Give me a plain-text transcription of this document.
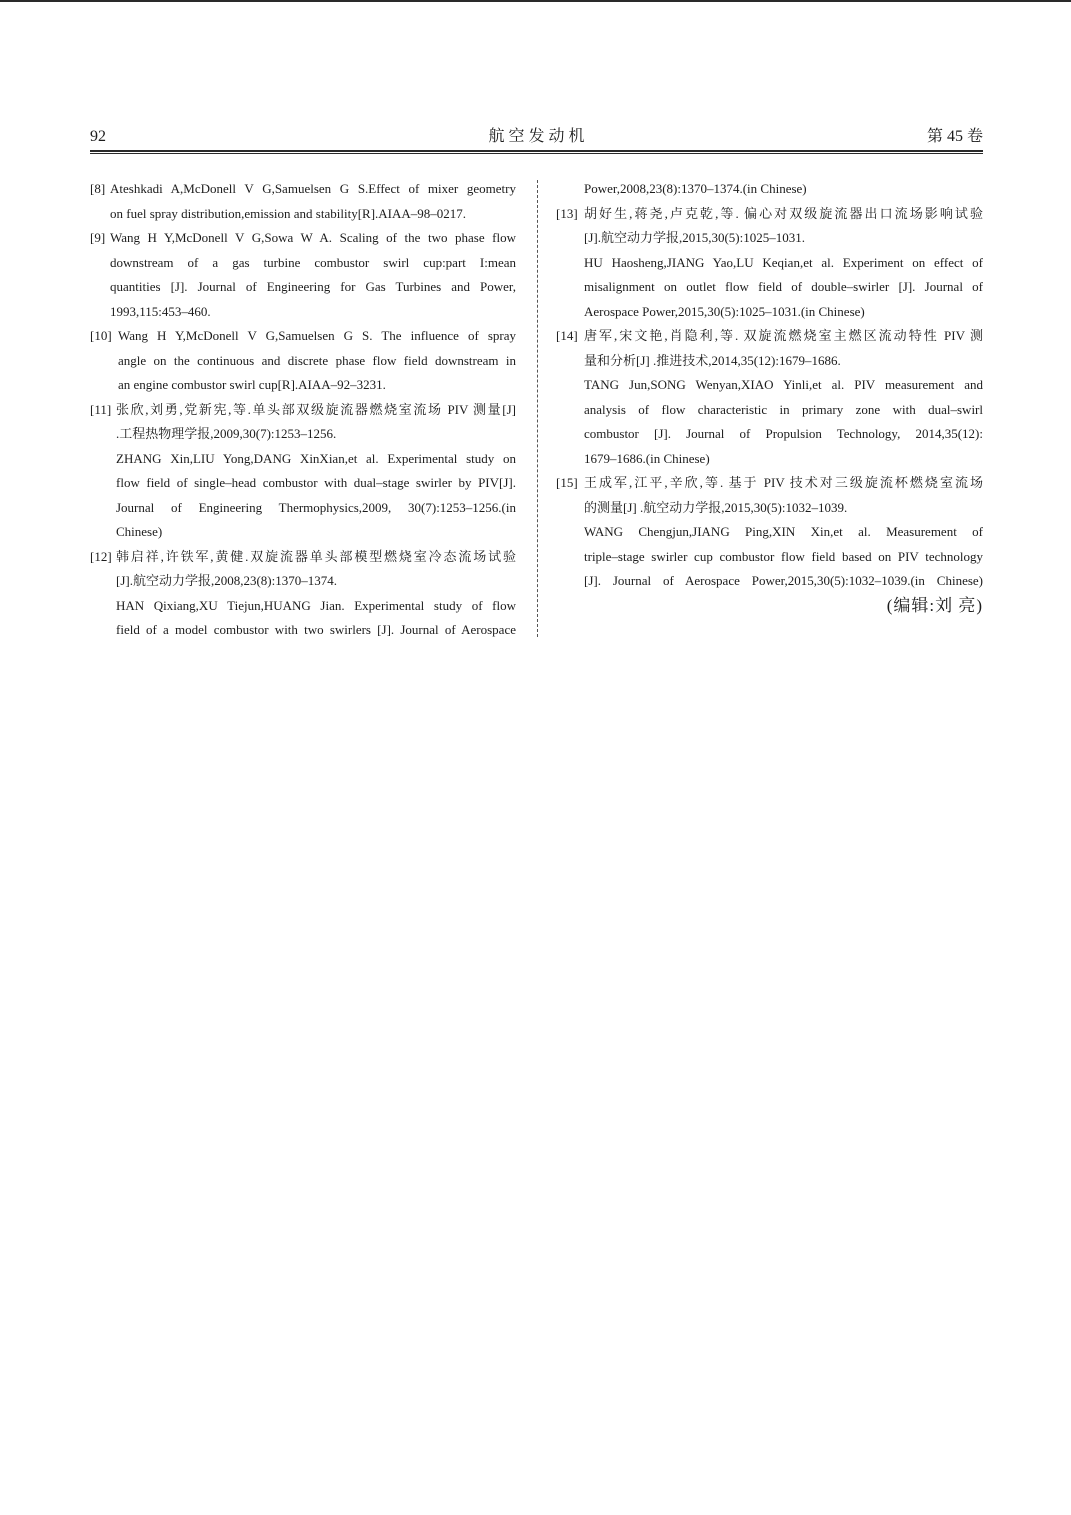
92	航 空 发 动 机	第 45 卷
[8] Ateshkadi A,McDonell V G,Samuelsen G S.Effect of mixer geometry
on fuel spray distribution,emission and stability[R].AIAA–98–0217.
[9] Wang H Y,McDonell V G,Sowa W A. Scaling of the two phase flow
downstream of a gas turbine combustor swirl cup:part I:mean
quantities [J]. Journal of Engineering for Gas Turbines and Power,
1993,115:453–460.
[10] Wang H Y,McDonell V G,Samuelsen G S. The influence of spray
angle on the continuous and discrete phase flow field downstream in
an engine combustor swirl cup[R].AIAA–92–3231.
[11] 张欣,刘勇,党新宪,等.单头部双级旋流器燃烧室流场 PIV 测量[J]
.工程热物理学报,2009,30(7):1253–1256.
ZHANG Xin,LIU Yong,DANG XinXian,et al. Experimental study on
flow field of single–head combustor with dual–stage swirler by PIV[J].
Journal of Engineering Thermophysics,2009, 30(7):1253–1256.(in
Chinese)
[12] 韩启祥,许铁军,黄健.双旋流器单头部模型燃烧室冷态流场试验
[J].航空动力学报,2008,23(8):1370–1374.
HAN Qixiang,XU Tiejun,HUANG Jian. Experimental study of flow
field of a model combustor with two swirlers [J]. Journal of Aerospace
Power,2008,23(8):1370–1374.(in Chinese)
[13] 胡好生,蒋尧,卢克乾,等. 偏心对双级旋流器出口流场影响试验
[J].航空动力学报,2015,30(5):1025–1031.
HU Haosheng,JIANG Yao,LU Keqian,et al. Experiment on effect of
misalignment on outlet flow field of double–swirler [J]. Journal of
Aerospace Power,2015,30(5):1025–1031.(in Chinese)
[14] 唐军,宋文艳,肖隐利,等. 双旋流燃烧室主燃区流动特性 PIV 测
量和分析[J] .推进技术,2014,35(12):1679–1686.
TANG Jun,SONG Wenyan,XIAO Yinli,et al. PIV measurement and
analysis of flow characteristic in primary zone with dual–swirl
combustor [J]. Journal of Propulsion Technology, 2014,35(12):
1679–1686.(in Chinese)
[15] 王成军,江平,辛欣,等. 基于 PIV 技术对三级旋流杯燃烧室流场
的测量[J] .航空动力学报,2015,30(5):1032–1039.
WANG Chengjun,JIANG Ping,XIN Xin,et al. Measurement of
triple–stage swirler cup combustor flow field based on PIV technology
[J]. Journal of Aerospace Power,2015,30(5):1032–1039.(in Chinese)
(编辑:刘 亮)
